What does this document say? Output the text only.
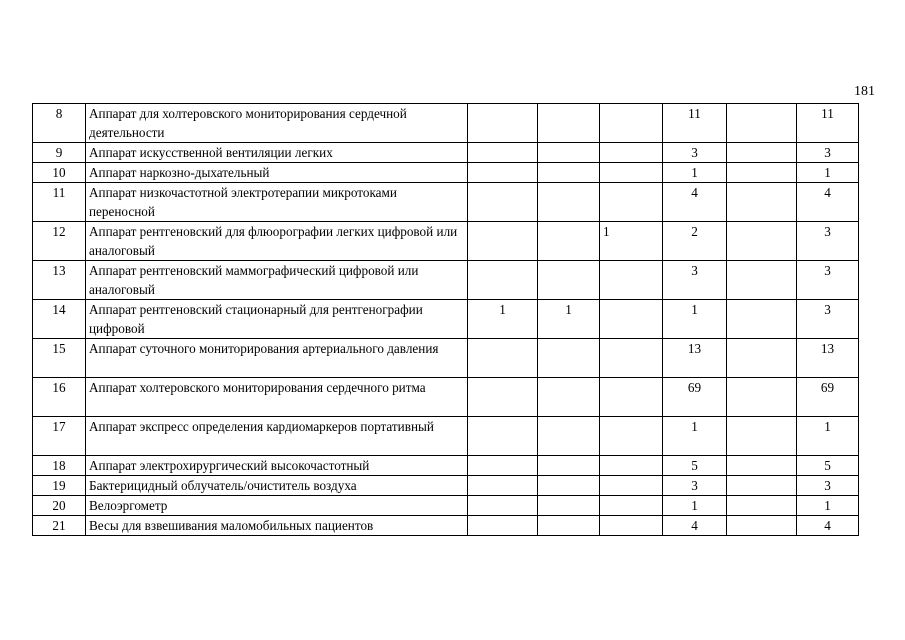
181
8	Аппарат для холтеровского мониторирования сердечной деятельности				11		11
9	Аппарат искусственной вентиляции легких				3		3
10	Аппарат наркозно-дыхательный				1		1
11	Аппарат низкочастотной электротерапии микротоками переносной				4		4
12	Аппарат рентгеновский для флюорографии легких цифровой или аналоговый			1	2		3
13	Аппарат рентгеновский маммографический цифровой или аналоговый				3		3
14	Аппарат рентгеновский стационарный для рентгенографии цифровой	1	1		1		3
15	Аппарат суточного мониторирования артериального давления				13		13
16	Аппарат холтеровского мониторирования сердечного ритма				69		69
17	Аппарат экспресс определения кардиомаркеров портативный				1		1
18	Аппарат электрохирургический высокочастотный				5		5
19	Бактерицидный облучатель/очиститель воздуха				3		3
20	Велоэргометр				1		1
21	Весы для взвешивания маломобильных пациентов				4		4
